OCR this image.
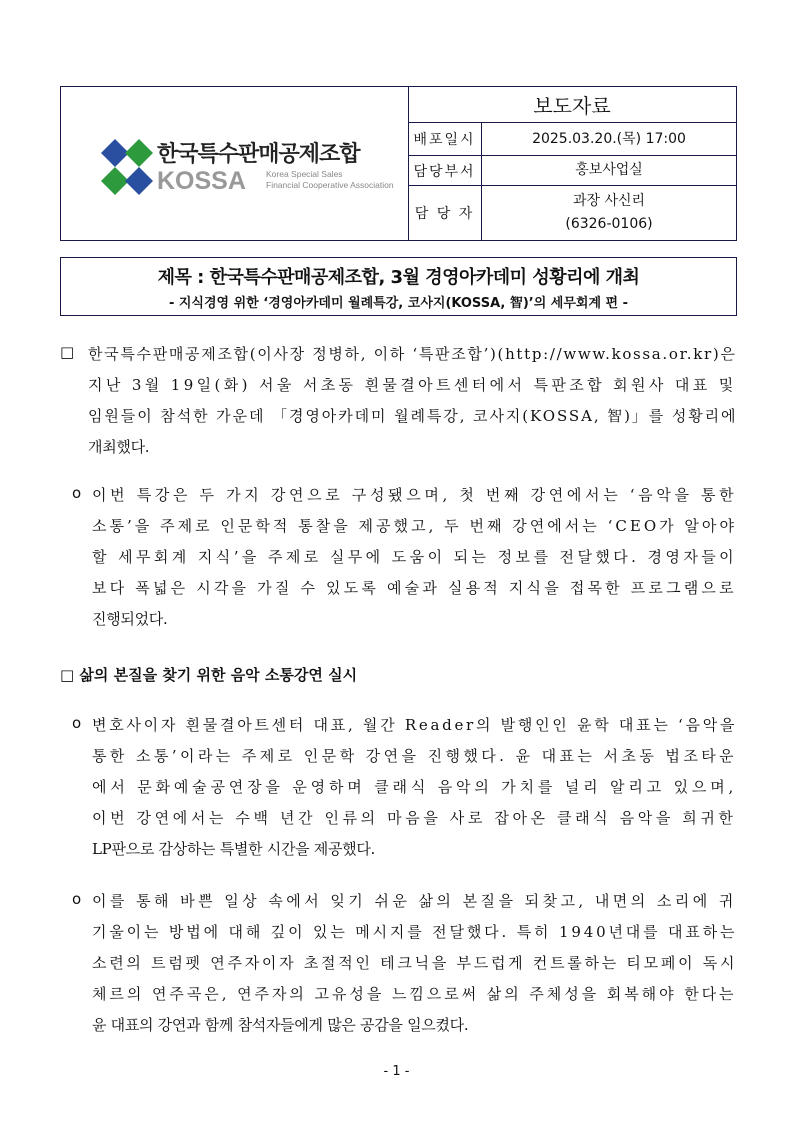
한국특수판매공제조합
KOSSA Korea Special Sales
Financial Cooperative Association
보도자료
배포일시	2025.03.20.(목) 17:00
담당부서	홍보사업실
담 당 자
과장 사신리
(6326-0106)
제목 : 한국특수판매공제조합, 3월 경영아카데미 성황리에 개최
- 지식경영 위한 ‘경영아카데미 월례특강, 코사지(KOSSA, 智)’의 세무회계 편 -
□ 한국특수판매공제조합(이사장 정병하, 이하 ‘특판조합’)(http://www.kossa.or.kr)은
지난 3월 19일(화) 서울 서초동 흰물결아트센터에서 특판조합 회원사 대표 및
임원들이 참석한 가운데 「경영아카데미 월례특강, 코사지(KOSSA, 智)」를 성황리에
개최했다.
o 이번 특강은 두 가지 강연으로 구성됐으며, 첫 번째 강연에서는 ‘음악을 통한
소통’을 주제로 인문학적 통찰을 제공했고, 두 번째 강연에서는 ‘CEO가 알아야
할 세무회계 지식’을 주제로 실무에 도움이 되는 정보를 전달했다. 경영자들이
보다 폭넓은 시각을 가질 수 있도록 예술과 실용적 지식을 접목한 프로그램으로
진행되었다.
o 변호사이자 흰물결아트센터 대표, 월간 Reader의 발행인인 윤학 대표는 ‘음악을
통한 소통’이라는 주제로 인문학 강연을 진행했다. 윤 대표는 서초동 법조타운
에서 문화예술공연장을 운영하며 클래식 음악의 가치를 널리 알리고 있으며,
이번 강연에서는 수백 년간 인류의 마음을 사로 잡아온 클래식 음악을 희귀한
LP판으로 감상하는 특별한 시간을 제공했다.
o 이를 통해 바쁜 일상 속에서 잊기 쉬운 삶의 본질을 되찾고, 내면의 소리에 귀
기울이는 방법에 대해 깊이 있는 메시지를 전달했다. 특히 1940년대를 대표하는
소련의 트럼펫 연주자이자 초절적인 테크닉을 부드럽게 컨트롤하는 티모페이 독시
체르의 연주곡은, 연주자의 고유성을 느낌으로써 삶의 주체성을 회복해야 한다는
윤 대표의 강연과 함께 참석자들에게 많은 공감을 일으켰다.
□ 삶의 본질을 찾기 위한 음악 소통강연 실시
- 1 -
